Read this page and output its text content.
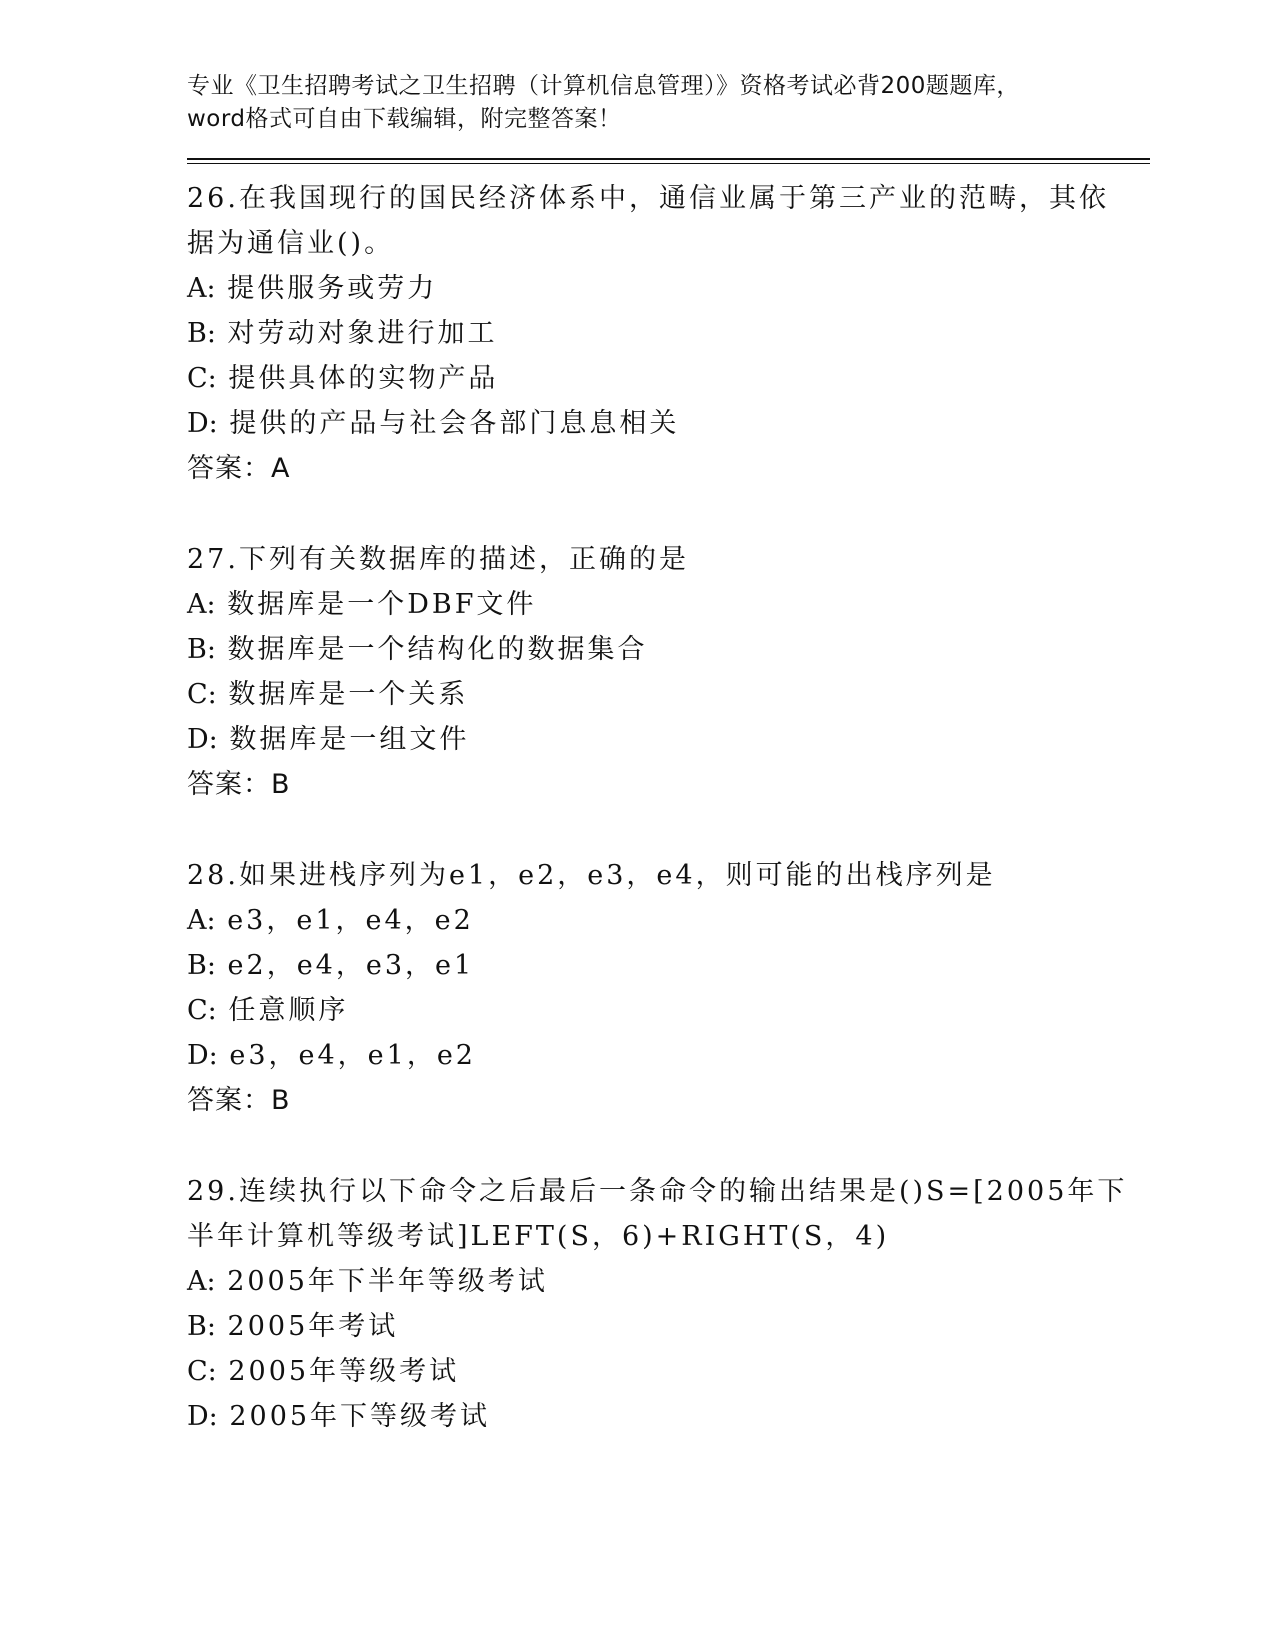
专业《卫生招聘考试之卫生招聘（计算机信息管理）》资格考试必背200题题库，
word格式可自由下载编辑，附完整答案！
26.在我国现行的国民经济体系中，通信业属于第三产业的范畴，其依
据为通信业()。
A: 提供服务或劳力
B: 对劳动对象进行加工
C: 提供具体的实物产品
D: 提供的产品与社会各部门息息相关
答案：A
27.下列有关数据库的描述，正确的是
A: 数据库是一个DBF文件
B: 数据库是一个结构化的数据集合
C: 数据库是一个关系
D: 数据库是一组文件
答案：B
28.如果进栈序列为e1，e2，e3，e4，则可能的出栈序列是
A: e3，e1，e4，e2
B: e2，e4，e3，e1
C: 任意顺序
D: e3，e4，e1，e2
答案：B
29.连续执行以下命令之后最后一条命令的输出结果是()S=[2005年下
半年计算机等级考试]LEFT(S，6)+RIGHT(S，4)
A: 2005年下半年等级考试
B: 2005年考试
C: 2005年等级考试
D: 2005年下等级考试
